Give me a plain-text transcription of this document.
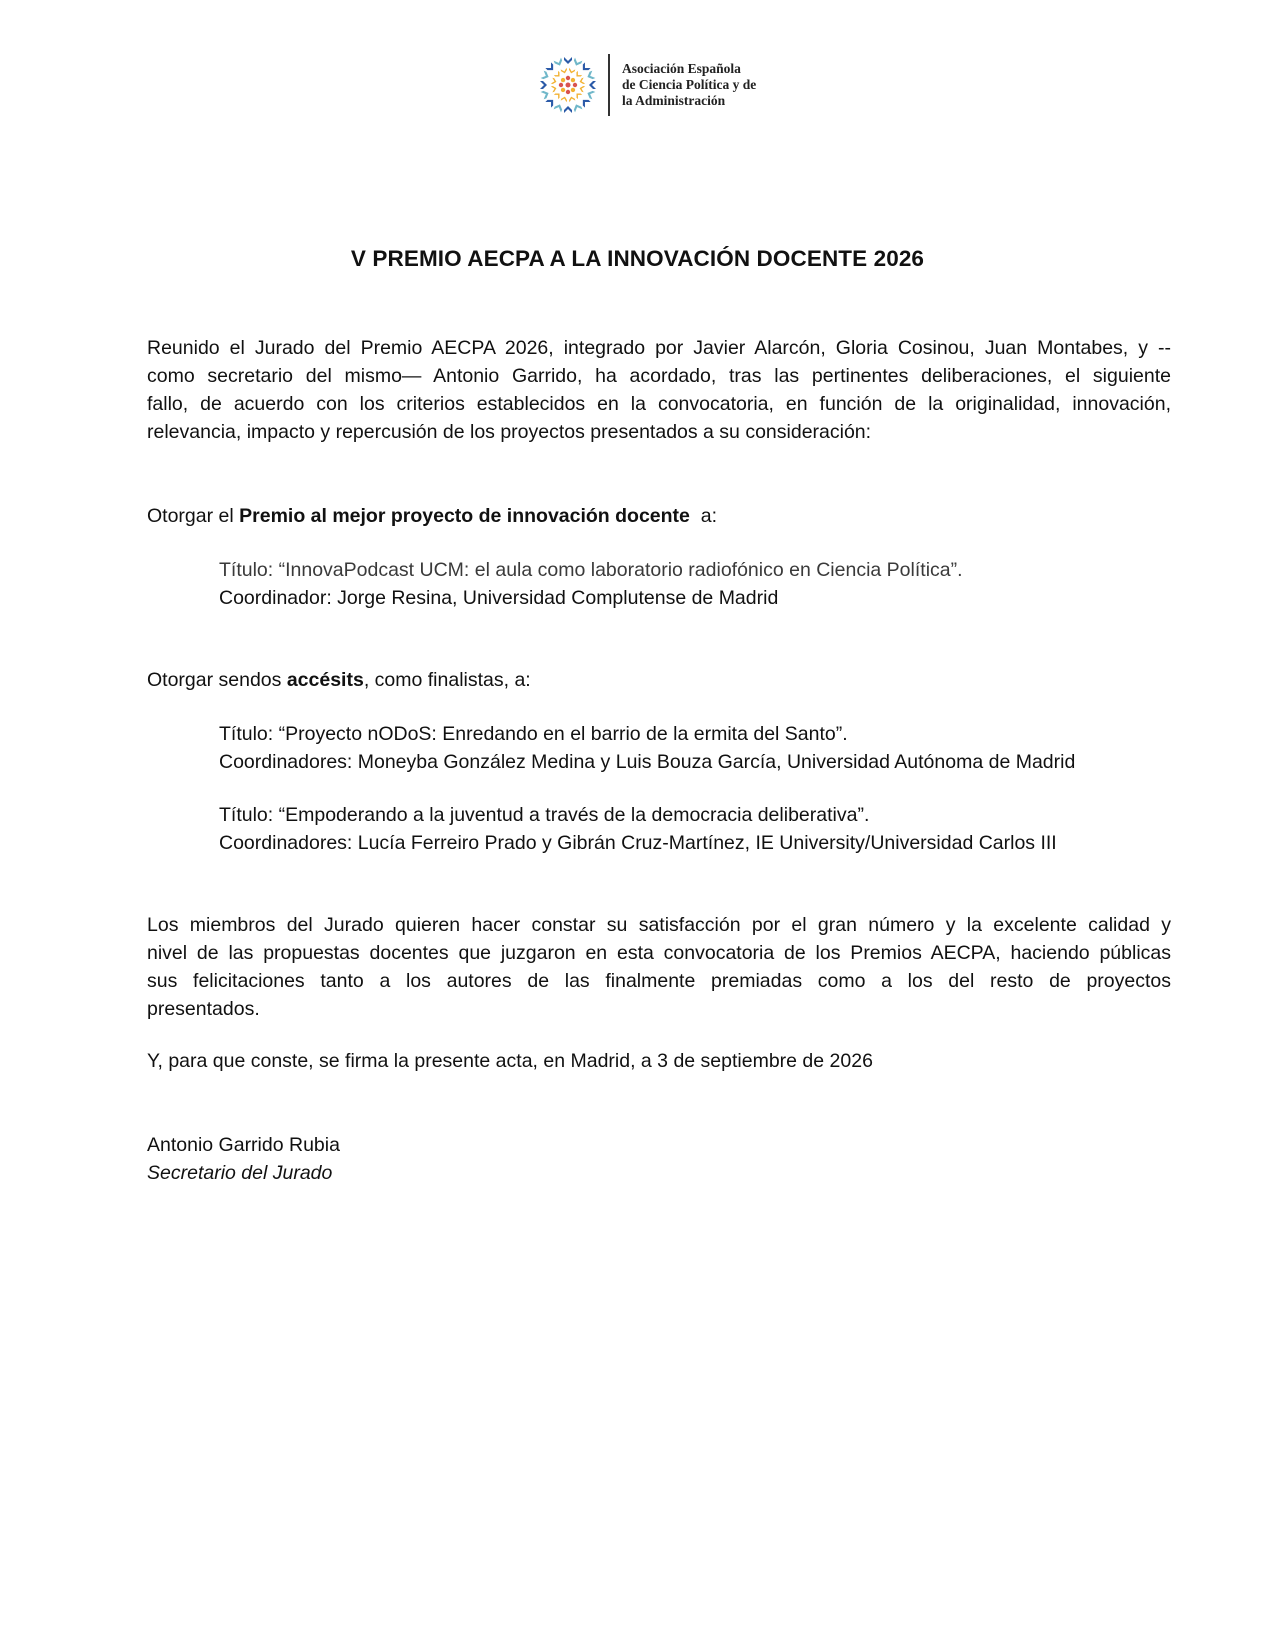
Asociación Española
de Ciencia Política y de
la Administración
V PREMIO AECPA A LA INNOVACIÓN DOCENTE 2026
Reunido el Jurado del Premio AECPA 2026, integrado por Javier Alarcón, Gloria Cosinou, Juan Montabes, y --
como secretario del mismo— Antonio Garrido, ha acordado, tras las pertinentes deliberaciones, el siguiente
fallo, de acuerdo con los criterios establecidos en la convocatoria, en función de la originalidad, innovación,
relevancia, impacto y repercusión de los proyectos presentados a su consideración:
Otorgar el Premio al mejor proyecto de innovación docente  a:
Título: “InnovaPodcast UCM: el aula como laboratorio radiofónico en Ciencia Política”.
Coordinador: Jorge Resina, Universidad Complutense de Madrid
Otorgar sendos accésits, como finalistas, a:
Título: “Proyecto nODoS: Enredando en el barrio de la ermita del Santo”.
Coordinadores: Moneyba González Medina y Luis Bouza García, Universidad Autónoma de Madrid
Título: “Empoderando a la juventud a través de la democracia deliberativa”.
Coordinadores: Lucía Ferreiro Prado y Gibrán Cruz-Martínez, IE University/Universidad Carlos III
Los miembros del Jurado quieren hacer constar su satisfacción por el gran número y la excelente calidad y
nivel de las propuestas docentes que juzgaron en esta convocatoria de los Premios AECPA, haciendo públicas
sus felicitaciones tanto a los autores de las finalmente premiadas como a los del resto de proyectos
presentados.
Y, para que conste, se firma la presente acta, en Madrid, a 3 de septiembre de 2026
Antonio Garrido Rubia
Secretario del Jurado
